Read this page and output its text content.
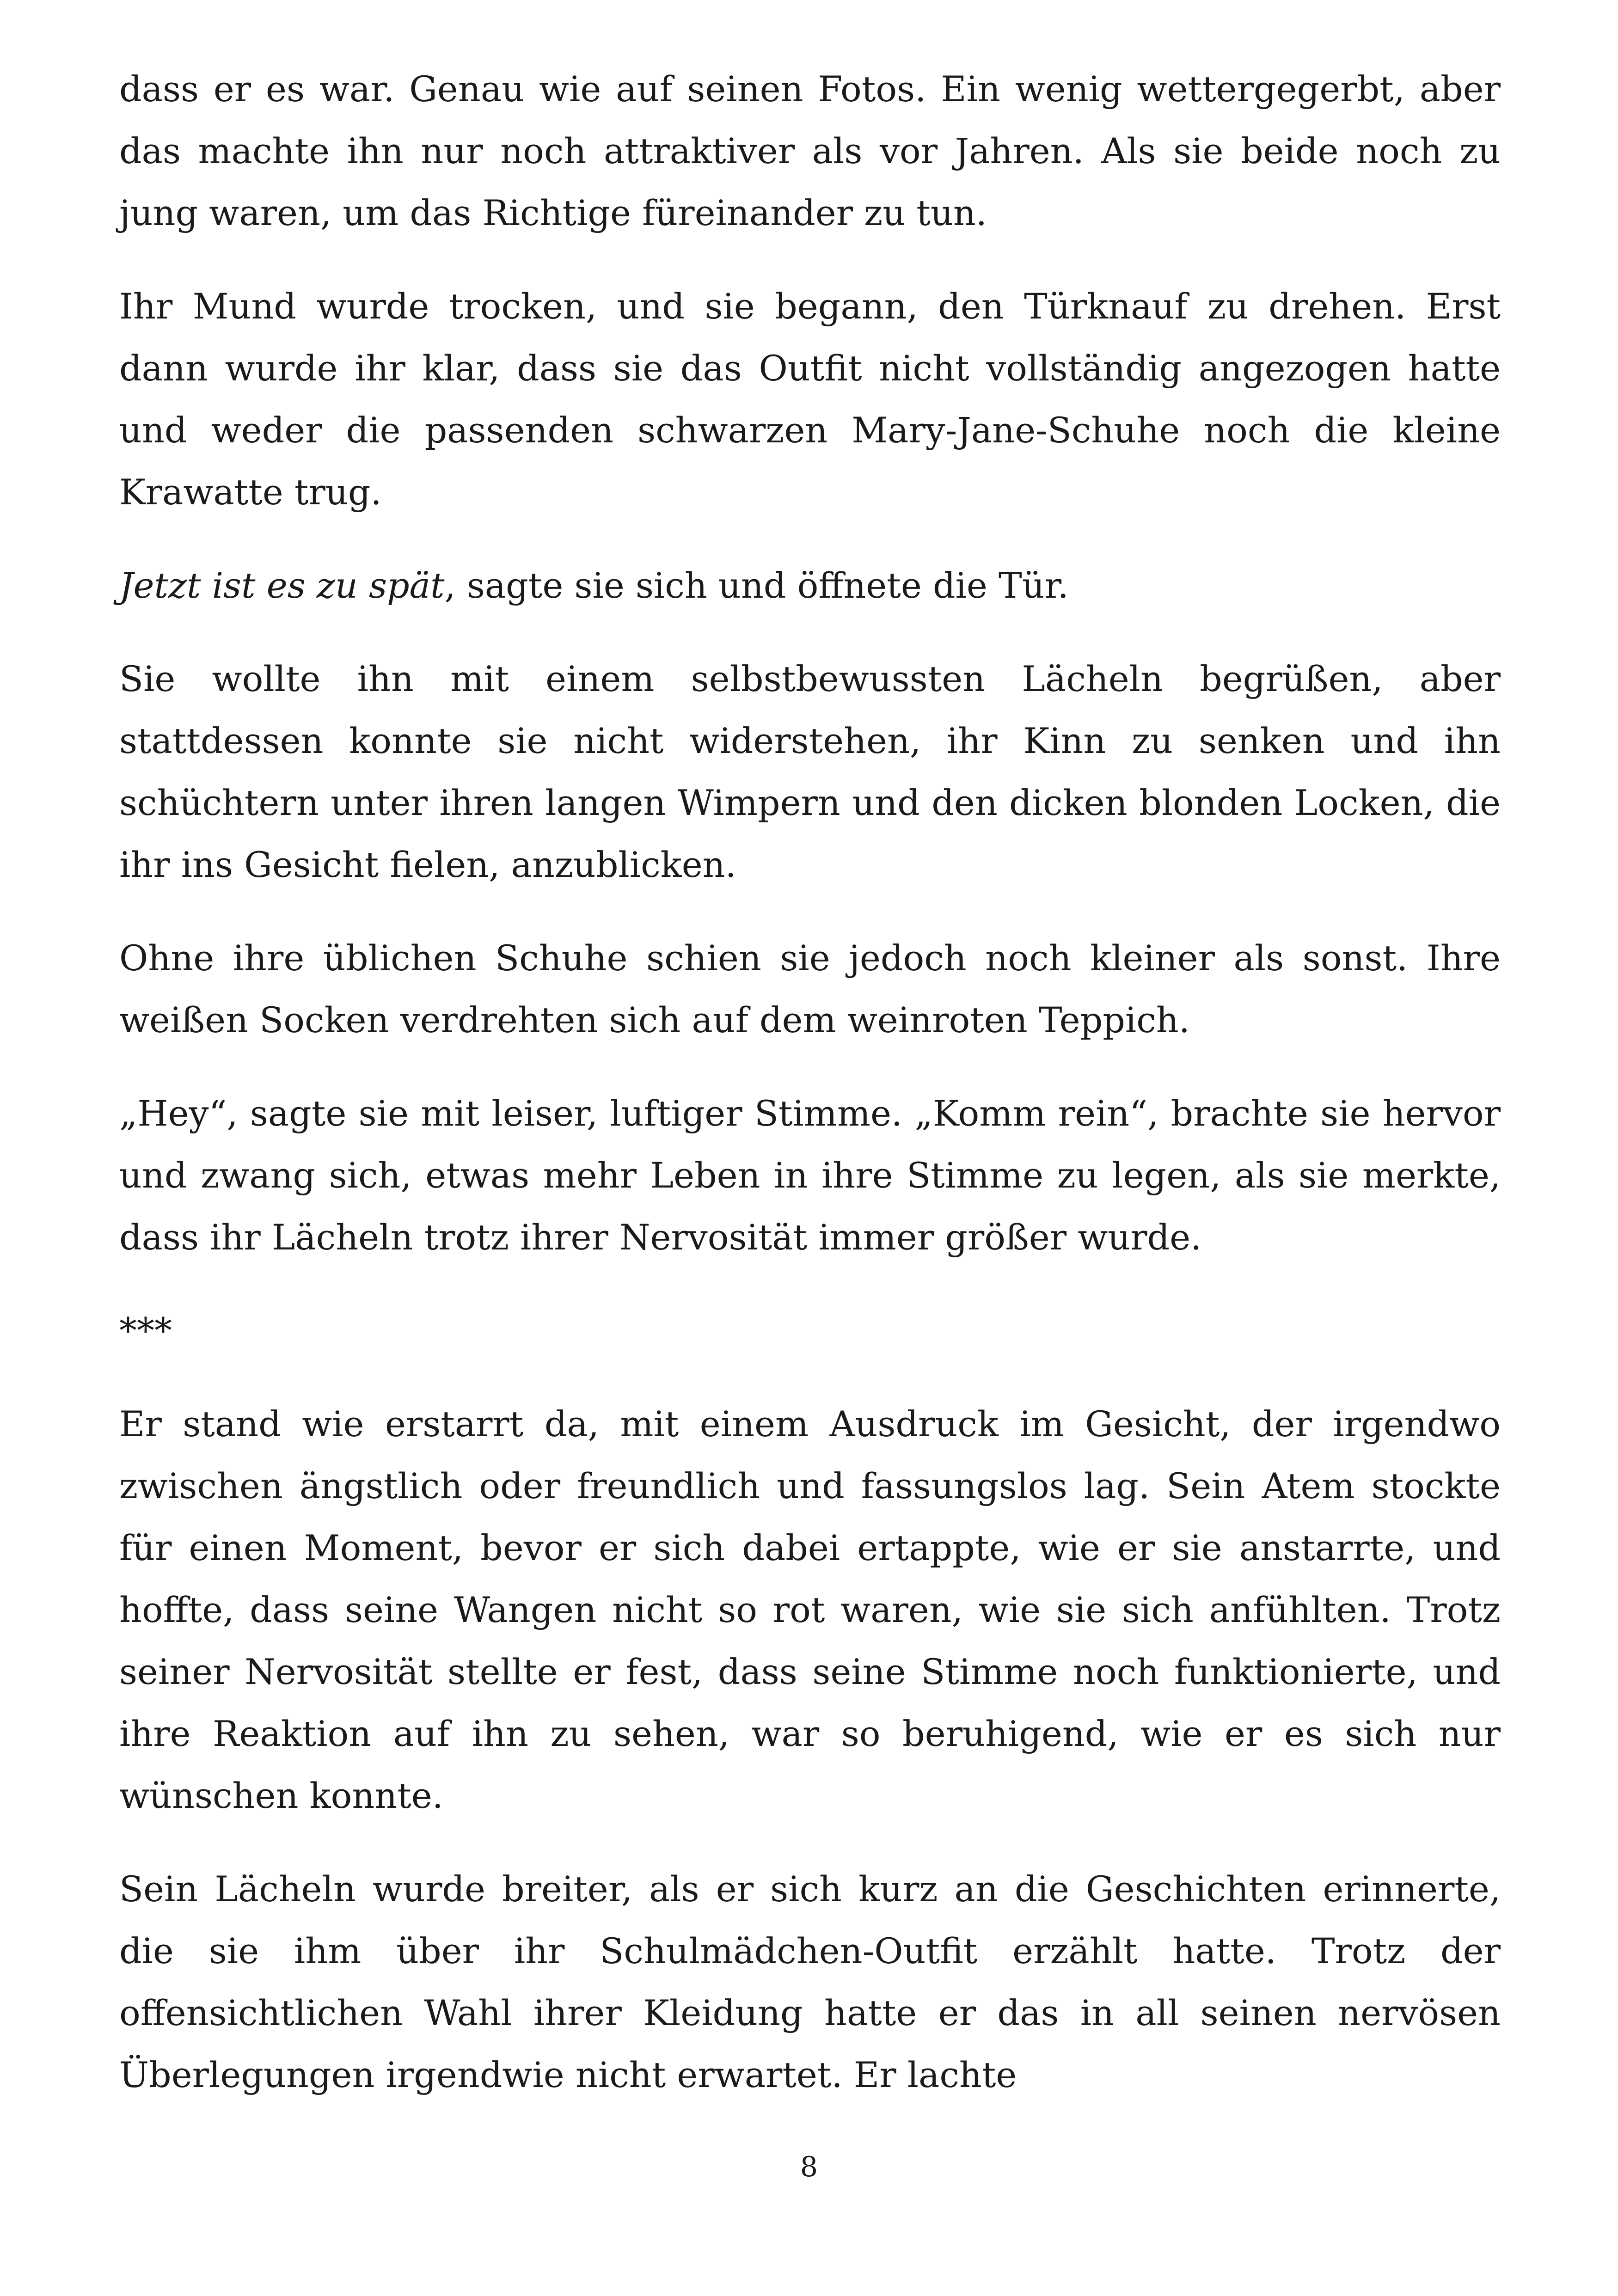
dass er es war. Genau wie auf seinen Fotos. Ein wenig wettergegerbt, aber das machte ihn nur noch attraktiver als vor Jahren. Als sie beide noch zu jung waren, um das Richtige füreinander zu tun.

Ihr Mund wurde trocken, und sie begann, den Türknauf zu drehen. Erst dann wurde ihr klar, dass sie das Outfit nicht vollständig angezogen hatte und weder die passenden schwarzen Mary-Jane-Schuhe noch die kleine Krawatte trug.

Jetzt ist es zu spät, sagte sie sich und öffnete die Tür.

Sie wollte ihn mit einem selbstbewussten Lächeln begrüßen, aber stattdessen konnte sie nicht widerstehen, ihr Kinn zu senken und ihn schüchtern unter ihren langen Wimpern und den dicken blonden Locken, die ihr ins Gesicht fielen, anzublicken.

Ohne ihre üblichen Schuhe schien sie jedoch noch kleiner als sonst. Ihre weißen Socken verdrehten sich auf dem weinroten Teppich.

„Hey“, sagte sie mit leiser, luftiger Stimme. „Komm rein“, brachte sie hervor und zwang sich, etwas mehr Leben in ihre Stimme zu legen, als sie merkte, dass ihr Lächeln trotz ihrer Nervosität immer größer wurde.

***

Er stand wie erstarrt da, mit einem Ausdruck im Gesicht, der irgendwo zwischen ängstlich oder freundlich und fassungslos lag. Sein Atem stockte für einen Moment, bevor er sich dabei ertappte, wie er sie anstarrte, und hoffte, dass seine Wangen nicht so rot waren, wie sie sich anfühlten. Trotz seiner Nervosität stellte er fest, dass seine Stimme noch funktionierte, und ihre Reaktion auf ihn zu sehen, war so beruhigend, wie er es sich nur wünschen konnte.

Sein Lächeln wurde breiter, als er sich kurz an die Geschichten erinnerte, die sie ihm über ihr Schulmädchen-Outfit erzählt hatte. Trotz der offensichtlichen Wahl ihrer Kleidung hatte er das in all seinen nervösen Überlegungen irgendwie nicht erwartet. Er lachte

8
